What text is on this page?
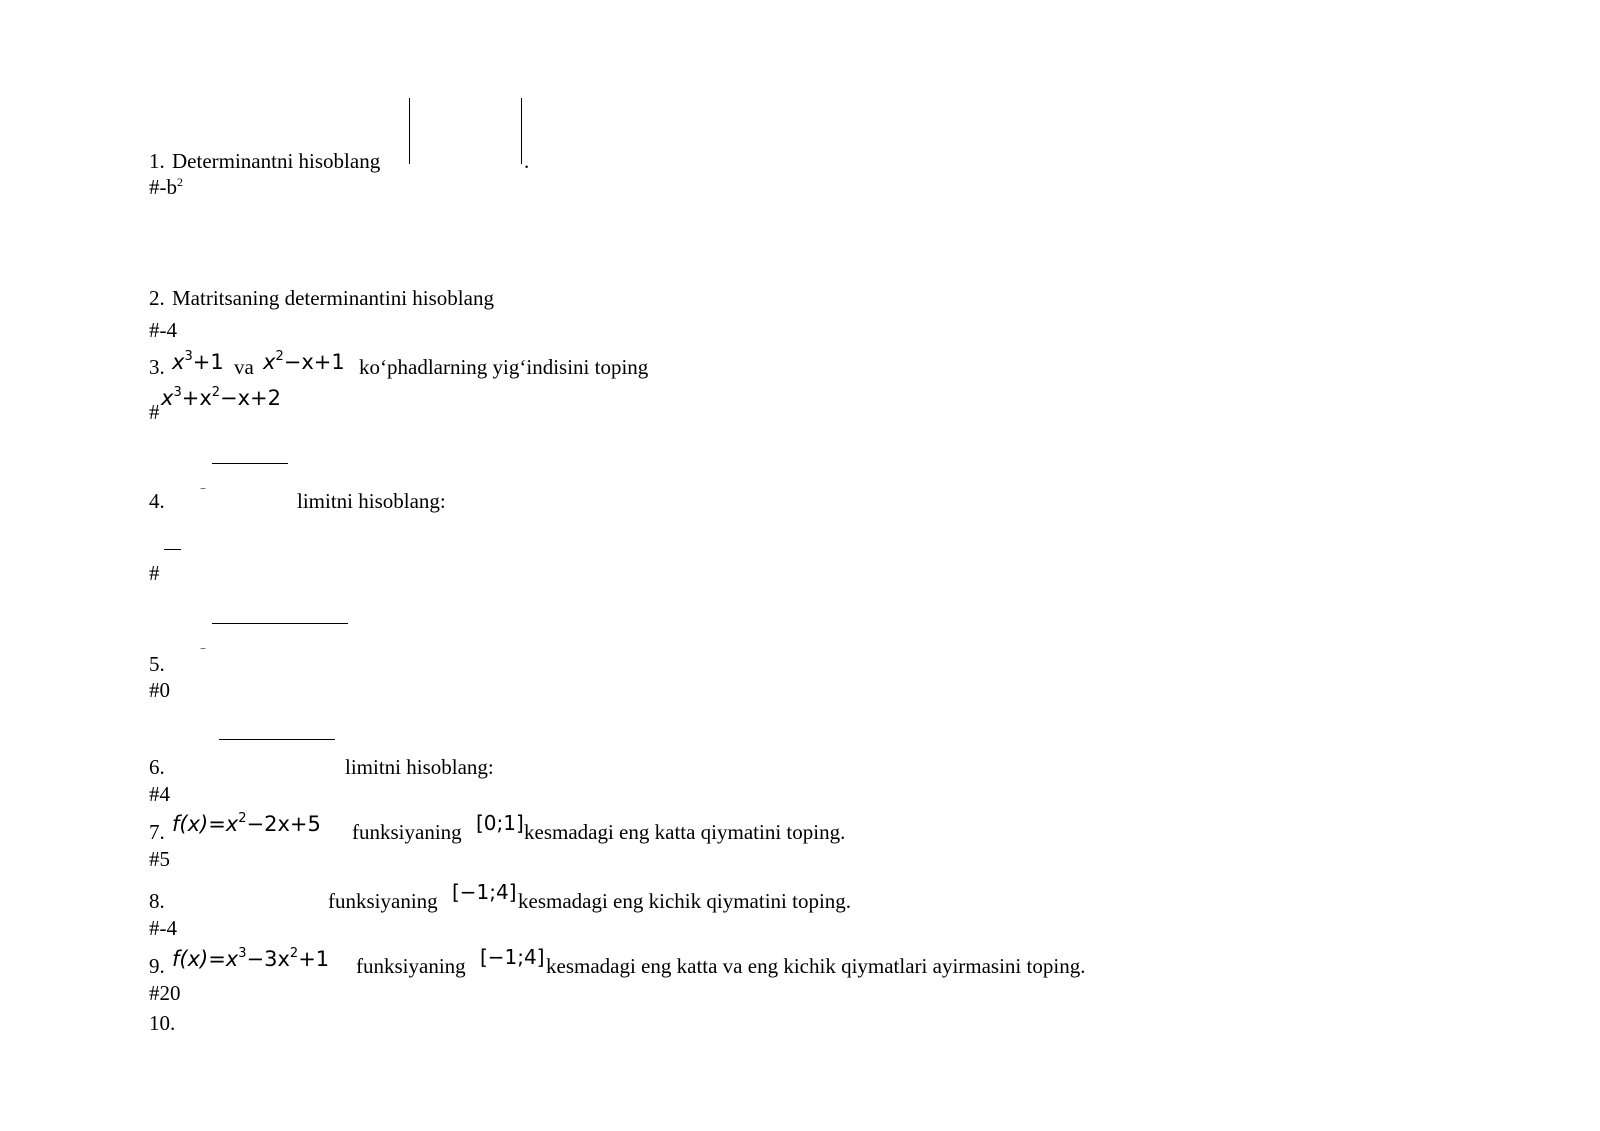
1. Determinantni hisoblang	.
$\#-b^2$
2. Matritsaning determinantini hisoblang
#-4
3. $x^3+1$ va $x^2-x+1$ ko‘phadlarning yig‘indisini toping
#
$x^3+x^2-x+2$
–
4.	limitni hisoblang:
#
–
5.
#0
6.	limitni hisoblang:
#4
7. $f(x)=x^2-2x+5$ funksiyaning [0;1] kesmadagi eng katta qiymatini toping.
#5
8.	funksiyaning [−1;4] kesmadagi eng kichik qiymatini toping.
#-4
9. $f(x)=x^3-3x^2+1$ funksiyaning [−1;4] kesmadagi eng katta va eng kichik qiymatlari ayirmasini toping.
#20
10.
